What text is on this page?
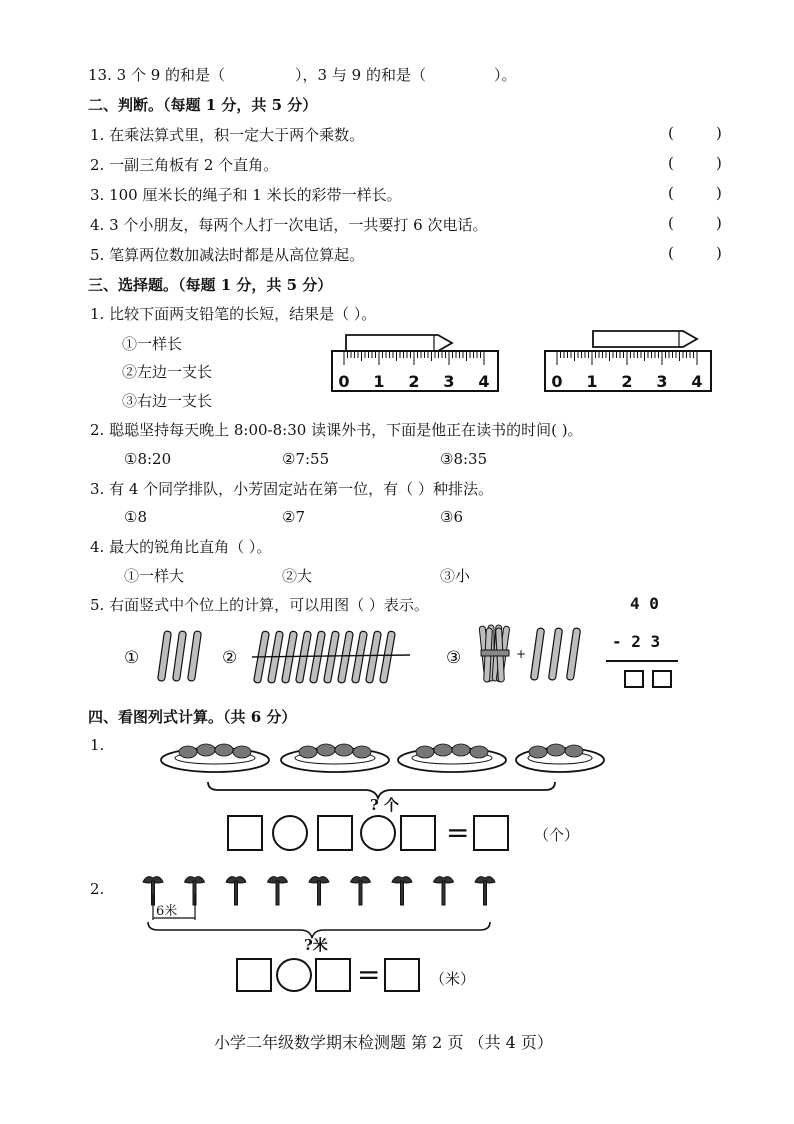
13. 3 个 9 的和是（	），3 与 9 的和是（	）。
二、判断。（每题 1 分，共 5 分）
1. 在乘法算式里，积一定大于两个乘数。	(	)
2. 一副三角板有 2 个直角。	(	)
3. 100 厘米长的绳子和 1 米长的彩带一样长。	(	)
4. 3 个小朋友，每两个人打一次电话，一共要打 6 次电话。	(	)
5. 笔算两位数加减法时都是从高位算起。	(	)
三、选择题。（每题 1 分，共 5 分）
1. 比较下面两支铅笔的长短，结果是（ ）。
①一样长
②左边一支长
③右边一支长
0 1 2 3 4	0 1 2 3 4
2. 聪聪坚持每天晚上 8:00-8:30 读课外书，下面是他正在读书的时间( )。
①8:20	②7:55	③8:35
3. 有 4 个同学排队，小芳固定站在第一位，有（ ）种排法。
①8	②7	③6
4. 最大的锐角比直角（ ）。
①一样大	②大	③小
5. 右面竖式中个位上的计算，可以用图（ ）表示。	4 0
- 2 3
①	②	③	+
四、看图列式计算。（共 6 分）
1.
? 个
=	（个）
2.
6米
?米
=	（米）
小学二年级数学期末检测题 第 2 页 （共 4 页）
